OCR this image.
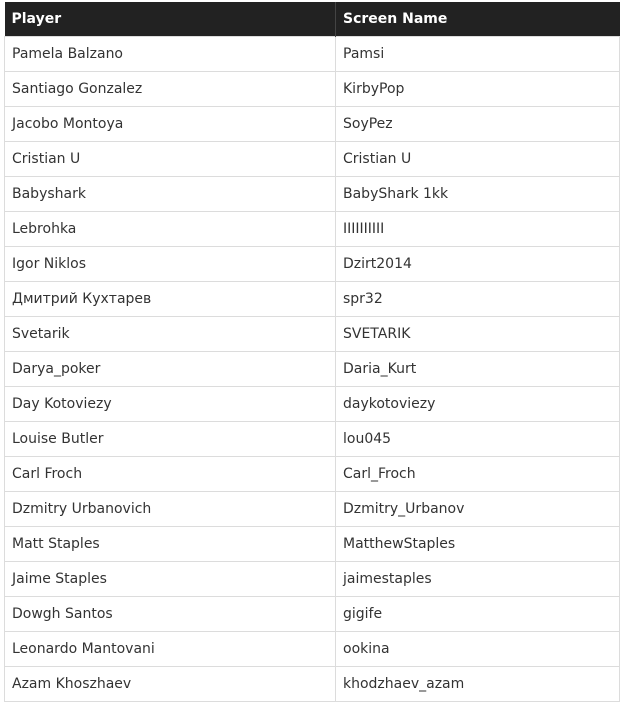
Player	Screen Name
Pamela Balzano	Pamsi
Santiago Gonzalez	KirbyPop
Jacobo Montoya	SoyPez
Cristian U	Cristian U
Babyshark	BabyShark 1kk
Lebrohka	IIIIIIIIII
Igor Niklos	Dzirt2014
Дмитрий Кухтарев	spr32
Svetarik	SVETARIK
Darya_poker	Daria_Kurt
Day Kotoviezy	daykotoviezy
Louise Butler	lou045
Carl Froch	Carl_Froch
Dzmitry Urbanovich	Dzmitry_Urbanov
Matt Staples	MatthewStaples
Jaime Staples	jaimestaples
Dowgh Santos	gigife
Leonardo Mantovani	ookina
Azam Khoszhaev	khodzhaev_azam
